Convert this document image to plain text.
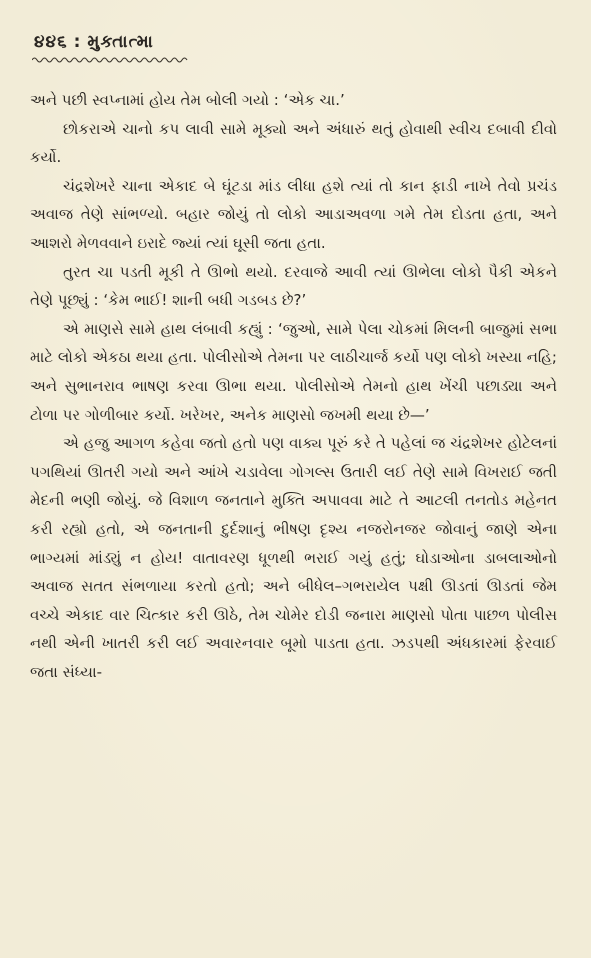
૪૪૬ : મુક્તાત્મા

અને પછી સ્વપ્નામાં હોય તેમ બોલી ગયો : ‘એક ચા.’

છોકરાએ ચાનો કપ લાવી સામે મૂક્યો અને અંધારું થતું હોવાથી સ્વીચ દબાવી દીવો કર્યો.

ચંદ્રશેખરે ચાના એકાદ બે ઘૂંટડા માંડ લીધા હશે ત્યાં તો કાન ફાડી નાખે તેવો પ્રચંડ અવાજ તેણે સાંભળ્યો. બહાર જોયું તો લોકો આડાઅવળા ગમે તેમ દોડતા હતા, અને આશરો મેળવવાને ઇરાદે જ્યાં ત્યાં ઘૂસી જતા હતા.

તુરત ચા પડતી મૂકી તે ઊભો થયો. દરવાજે આવી ત્યાં ઊભેલા લોકો પૈકી એકને તેણે પૂછ્યું : ‘કેમ ભાઈ! શાની બધી ગડબડ છે?’

એ માણસે સામે હાથ લંબાવી કહ્યું : ‘જુઓ, સામે પેલા ચોકમાં મિલની બાજુમાં સભા માટે લોકો એકઠા થયા હતા. પોલીસોએ તેમના પર લાઠીચાર્જ કર્યો પણ લોકો ખસ્યા નહિ; અને સુભાનરાવ ભાષણ કરવા ઊભા થયા. પોલીસોએ તેમનો હાથ ખેંચી પછાડ્યા અને ટોળા પર ગોળીબાર કર્યો. ખરેખર, અનેક માણસો જખમી થયા છે—’

એ હજુ આગળ કહેવા જતો હતો પણ વાક્ય પૂરું કરે તે પહેલાં જ ચંદ્રશેખર હોટેલનાં પગથિયાં ઊતરી ગયો અને આંખે ચડાવેલા ગોગલ્સ ઉતારી લઈ તેણે સામે વિખરાઈ જતી મેદની ભણી જોયું. જે વિશાળ જનતાને મુક્તિ અપાવવા માટે તે આટલી તનતોડ મહેનત કરી રહ્યો હતો, એ જનતાની દુર્દશાનું ભીષણ દૃશ્ય નજરોનજર જોવાનું જાણે એના ભાગ્યમાં માંડ્યું ન હોય! વાતાવરણ ધૂળથી ભરાઈ ગયું હતું; ઘોડાઓના ડાબલાઓનો અવાજ સતત સંભળાયા કરતો હતો; અને બીધેલ–ગભરાયેલ પક્ષી ઊડતાં ઊડતાં જેમ વચ્ચે એકાદ વાર ચિત્કાર કરી ઊઠે, તેમ ચોમેર દોડી જનારા માણસો પોતા પાછળ પોલીસ નથી એની ખાતરી કરી લઈ અવારનવાર બૂમો પાડતા હતા. ઝડપથી અંધકારમાં ફેરવાઈ જતા સંધ્યા-
